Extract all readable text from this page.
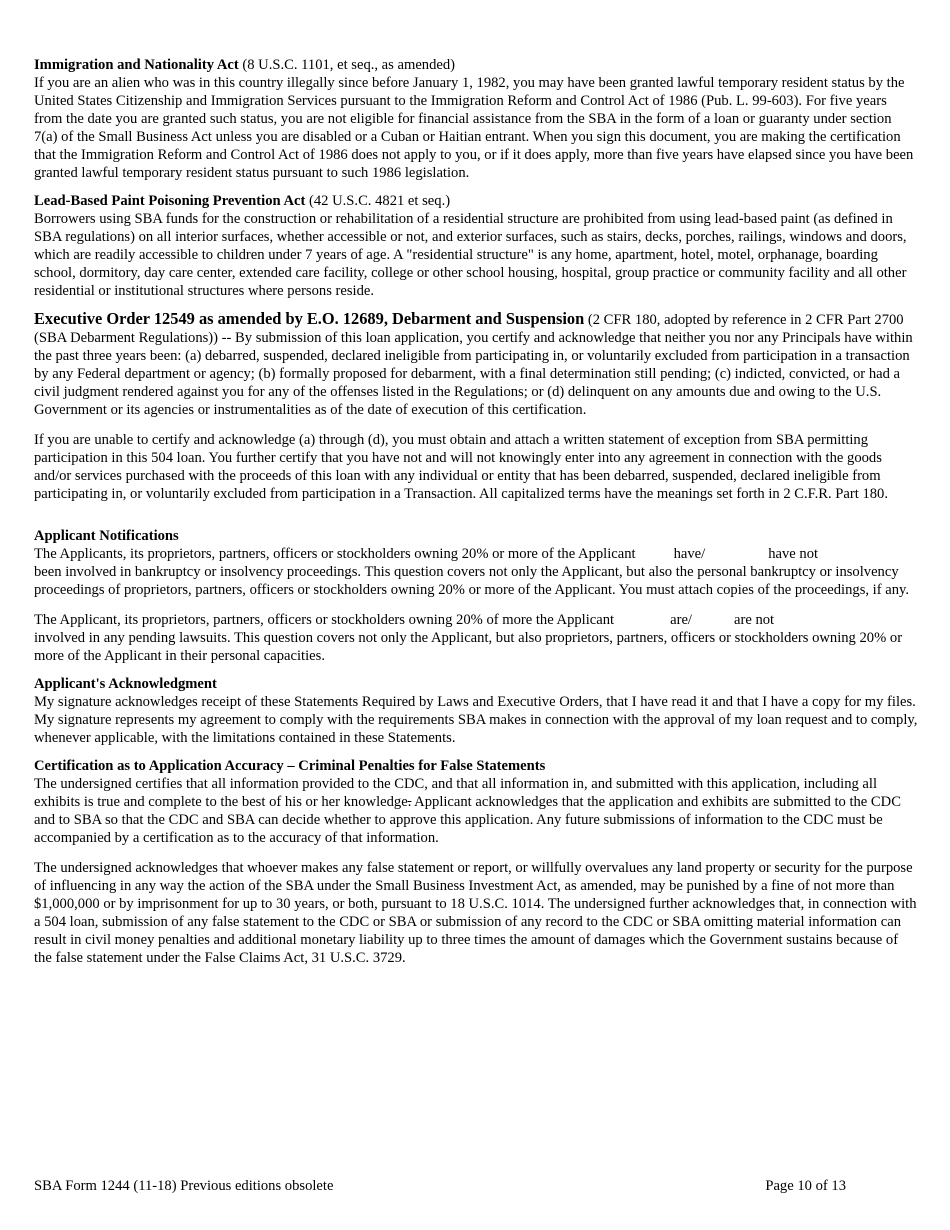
Immigration and Nationality Act (8 U.S.C. 1101, et seq., as amended)

If you are an alien who was in this country illegally since before January 1, 1982, you may have been granted lawful temporary resident status by the United States Citizenship and Immigration Services pursuant to the Immigration Reform and Control Act of 1986 (Pub. L. 99-603). For five years from the date you are granted such status, you are not eligible for financial assistance from the SBA in the form of a loan or guaranty under section 7(a) of the Small Business Act unless you are disabled or a Cuban or Haitian entrant. When you sign this document, you are making the certification that the Immigration Reform and Control Act of 1986 does not apply to you, or if it does apply, more than five years have elapsed since you have been granted lawful temporary resident status pursuant to such 1986 legislation.

Lead-Based Paint Poisoning Prevention Act (42 U.S.C. 4821 et seq.)

Borrowers using SBA funds for the construction or rehabilitation of a residential structure are prohibited from using lead-based paint (as defined in SBA regulations) on all interior surfaces, whether accessible or not, and exterior surfaces, such as stairs, decks, porches, railings, windows and doors, which are readily accessible to children under 7 years of age. A "residential structure" is any home, apartment, hotel, motel, orphanage, boarding school, dormitory, day care center, extended care facility, college or other school housing, hospital, group practice or community facility and all other residential or institutional structures where persons reside.

Executive Order 12549 as amended by E.O. 12689, Debarment and Suspension (2 CFR 180, adopted by reference in 2 CFR Part 2700 (SBA Debarment Regulations)) -- By submission of this loan application, you certify and acknowledge that neither you nor any Principals have within the past three years been: (a) debarred, suspended, declared ineligible from participating in, or voluntarily excluded from participation in a transaction by any Federal department or agency; (b) formally proposed for debarment, with a final determination still pending; (c) indicted, convicted, or had a civil judgment rendered against you for any of the offenses listed in the Regulations; or (d) delinquent on any amounts due and owing to the U.S. Government or its agencies or instrumentalities as of the date of execution of this certification.

If you are unable to certify and acknowledge (a) through (d), you must obtain and attach a written statement of exception from SBA permitting participation in this 504 loan. You further certify that you have not and will not knowingly enter into any agreement in connection with the goods and/or services purchased with the proceeds of this loan with any individual or entity that has been debarred, suspended, declared ineligible from participating in, or voluntarily excluded from participation in a Transaction. All capitalized terms have the meanings set forth in 2 C.F.R. Part 180.

Applicant Notifications

The Applicants, its proprietors, partners, officers or stockholders owning 20% or more of the Applicant	have/	have not
been involved in bankruptcy or insolvency proceedings. This question covers not only the Applicant, but also the personal bankruptcy or insolvency proceedings of proprietors, partners, officers or stockholders owning 20% or more of the Applicant. You must attach copies of the proceedings, if any.

The Applicant, its proprietors, partners, officers or stockholders owning 20% of more the Applicant	are/	are not
involved in any pending lawsuits. This question covers not only the Applicant, but also proprietors, partners, officers or stockholders owning 20% or more of the Applicant in their personal capacities.

Applicant's Acknowledgment

My signature acknowledges receipt of these Statements Required by Laws and Executive Orders, that I have read it and that I have a copy for my files. My signature represents my agreement to comply with the requirements SBA makes in connection with the approval of my loan request and to comply, whenever applicable, with the limitations contained in these Statements.

Certification as to Application Accuracy – Criminal Penalties for False Statements

The undersigned certifies that all information provided to the CDC, and that all information in, and submitted with this application, including all exhibits is true and complete to the best of his or her knowledge. Applicant acknowledges that the application and exhibits are submitted to the CDC and to SBA so that the CDC and SBA can decide whether to approve this application. Any future submissions of information to the CDC must be accompanied by a certification as to the accuracy of that information.

The undersigned acknowledges that whoever makes any false statement or report, or willfully overvalues any land property or security for the purpose of influencing in any way the action of the SBA under the Small Business Investment Act, as amended, may be punished by a fine of not more than $1,000,000 or by imprisonment for up to 30 years, or both, pursuant to 18 U.S.C. 1014. The undersigned further acknowledges that, in connection with a 504 loan, submission of any false statement to the CDC or SBA or submission of any record to the CDC or SBA omitting material information can result in civil money penalties and additional monetary liability up to three times the amount of damages which the Government sustains because of the false statement under the False Claims Act, 31 U.S.C. 3729.

SBA Form 1244 (11-18) Previous editions obsolete	Page 10 of 13
